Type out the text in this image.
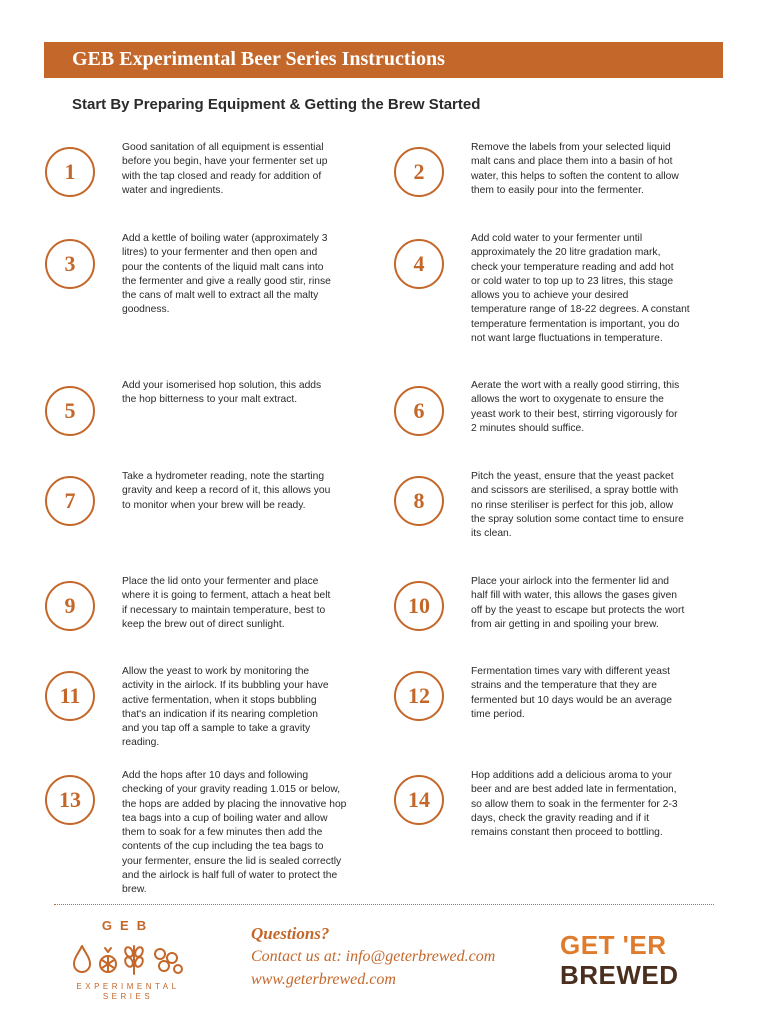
GEB Experimental Beer Series Instructions
Start By Preparing Equipment & Getting the Brew Started
1
Good sanitation of all equipment is essential
before you begin, have your fermenter set up
with the tap closed and ready for addition of
water and ingredients.
3
Add a kettle of boiling water (approximately 3
litres) to your fermenter and then open and
pour the contents of the liquid malt cans into
the fermenter and give a really good stir, rinse
the cans of malt well to extract all the malty
goodness.
5
Add your isomerised hop solution, this adds
the hop bitterness to your malt extract.
7
Take a hydrometer reading, note the starting
gravity and keep a record of it, this allows you
to monitor when your brew will be ready.
9
Place the lid onto your fermenter and place
where it is going to ferment, attach a heat belt
if necessary to maintain temperature, best to
keep the brew out of direct sunlight.
11
Allow the yeast to work by monitoring the
activity in the airlock. If its bubbling your have
active fermentation, when it stops bubbling
that's an indication if its nearing completion
and you tap off a sample to take a gravity
reading.
13
Add the hops after 10 days and following
checking of your gravity reading 1.015 or below,
the hops are added by placing the innovative hop
tea bags into a cup of boiling water and allow
them to soak for a few minutes then add the
contents of the cup including the tea bags to
your fermenter, ensure the lid is sealed correctly
and the airlock is half full of water to protect the
brew.
2
Remove the labels from your selected liquid
malt cans and place them into a basin of hot
water, this helps to soften the content to allow
them to easily pour into the fermenter.
4
Add cold water to your fermenter until
approximately the 20 litre gradation mark,
check your temperature reading and add hot
or cold water to top up to 23 litres, this stage
allows you to achieve your desired
temperature range of 18-22 degrees. A constant
temperature fermentation is important, you do
not want large fluctuations in temperature.
6
Aerate the wort with a really good stirring, this
allows the wort to oxygenate to ensure the
yeast work to their best, stirring vigorously for
2 minutes should suffice.
8
Pitch the yeast, ensure that the yeast packet
and scissors are sterilised, a spray bottle with
no rinse steriliser is perfect for this job, allow
the spray solution some contact time to ensure
its clean.
10
Place your airlock into the fermenter lid and
half fill with water, this allows the gases given
off by the yeast to escape but protects the wort
from air getting in and spoiling your brew.
12
Fermentation times vary with different yeast
strains and the temperature that they are
fermented but 10 days would be an average
time period.
14
Hop additions add a delicious aroma to your
beer and are best added late in fermentation,
so allow them to soak in the fermenter for 2-3
days, check the gravity reading and if it
remains constant then proceed to bottling.
GEB
EXPERIMENTAL
SERIES
Questions?
Contact us at: info@geterbrewed.com
www.geterbrewed.com
GET 'ER
BREWED
